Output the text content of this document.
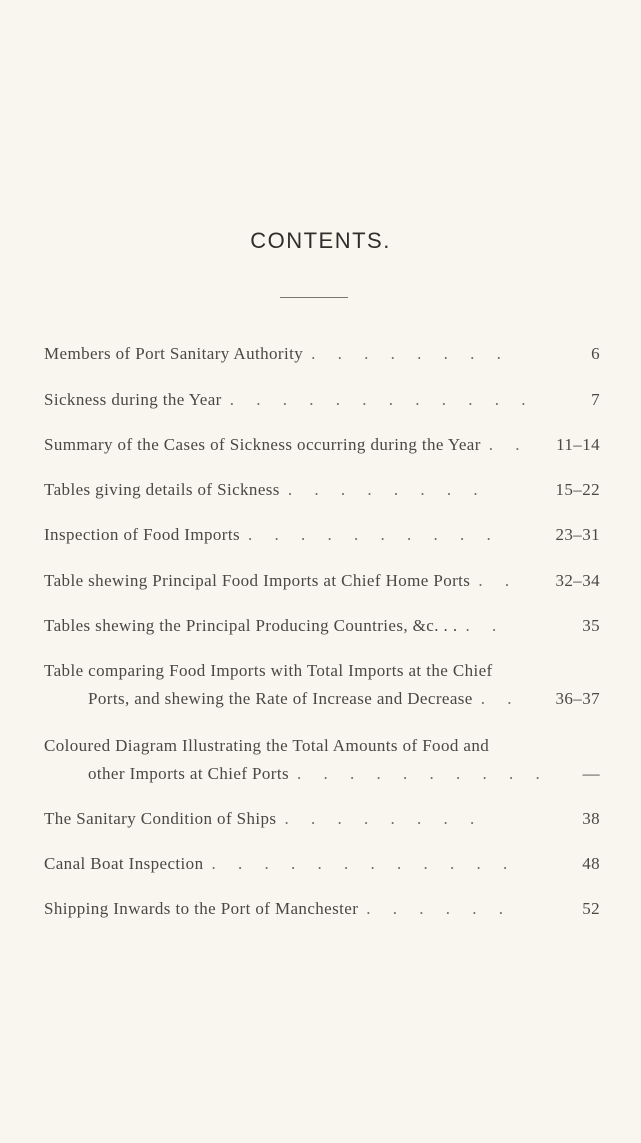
CONTENTS.
Members of Port Sanitary Authority . . . . . . . .	6
Sickness during the Year . . . . . . . . . . . .	7
Summary of the Cases of Sickness occurring during the Year . .	11–14
Tables giving details of Sickness . . . . . . . .	15–22
Inspection of Food Imports . . . . . . . . . .	23–31
Table shewing Principal Food Imports at Chief Home Ports . .	32–34
Tables shewing the Principal Producing Countries, &c. . . . .	35
Table comparing Food Imports with Total Imports at the Chief
Ports, and shewing the Rate of Increase and Decrease . .	36–37
Coloured Diagram Illustrating the Total Amounts of Food and
other Imports at Chief Ports . . . . . . . . . .	—
The Sanitary Condition of Ships . . . . . . . .	38
Canal Boat Inspection . . . . . . . . . . . .	48
Shipping Inwards to the Port of Manchester . . . . . .	52
